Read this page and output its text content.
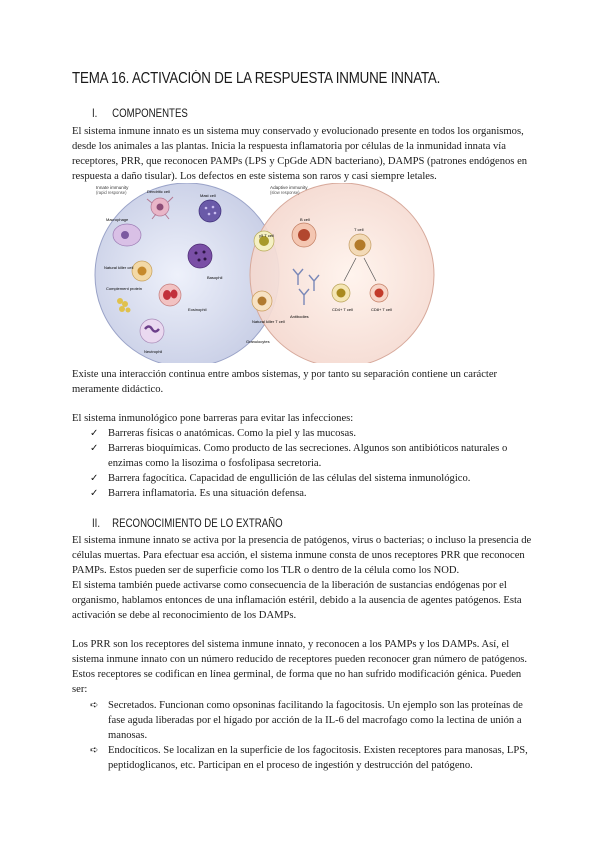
TEMA 16. ACTIVACIÓN DE LA RESPUESTA INMUNE INNATA.
I. COMPONENTES

El sistema inmune innato es un sistema muy conservado y evolucionado presente en todos los organismos, desde los animales a las plantas. Inicia la respuesta inflamatoria por células de la inmunidad innata vía receptores, PRR, que reconocen PAMPs (LPS y CpGde ADN bacteriano), DAMPS (patrones endógenos en respuesta a daño tisular). Los defectos en este sistema son raros y casi siempre letales.

Innate immunity
(rapid response)
Adaptive immunity
(slow response)
Dendritic cell
Mast cell
Macrophage
Natural killer cell
Basophil
Complement protein
Eosinophil
Neutrophil
γδ T cell
Natural killer T cell
Granulocytes
B cell
T cell
Antibodies
CD4+ T cell	CD8+ T cell

Existe una interacción continua entre ambos sistemas, y por tanto su separación contiene un carácter meramente didáctico.

El sistema inmunológico pone barreras para evitar las infecciones:

✓ Barreras físicas o anatómicas. Como la piel y las mucosas.
✓ Barreras bioquímicas. Como producto de las secreciones. Algunos son antibióticos naturales o enzimas como la lisozima o fosfolipasa secretoria.
✓ Barrera fagocítica. Capacidad de engullición de las células del sistema inmunológico.
✓ Barrera inflamatoria. Es una situación defensa.
II. RECONOCIMIENTO DE LO EXTRAÑO

El sistema inmune innato se activa por la presencia de patógenos, virus o bacterias; o incluso la presencia de células muertas. Para efectuar esa acción, el sistema inmune consta de unos receptores PRR que reconocen PAMPs. Estos pueden ser de superficie como los TLR o dentro de la célula como los NOD.

El sistema también puede activarse como consecuencia de la liberación de sustancias endógenas por el organismo, hablamos entonces de una inflamación estéril, debido a la ausencia de agentes patógenos. Esta activación se debe al reconocimiento de los DAMPs.

Los PRR son los receptores del sistema inmune innato, y reconocen a los PAMPs y los DAMPs. Así, el sistema inmune innato con un número reducido de receptores pueden reconocer gran número de patógenos. Estos receptores se codifican en línea germinal, de forma que no han sufrido modificación génica. Pueden ser:

➪ Secretados. Funcionan como opsoninas facilitando la fagocitosis. Un ejemplo son las proteínas de fase aguda liberadas por el hígado por acción de la IL-6 del macrofago como la lectina de unión a manosas.
➪ Endocíticos. Se localizan en la superficie de los fagocitosis. Existen receptores para manosas, LPS, peptidoglicanos, etc. Participan en el proceso de ingestión y destrucción del patógeno.
